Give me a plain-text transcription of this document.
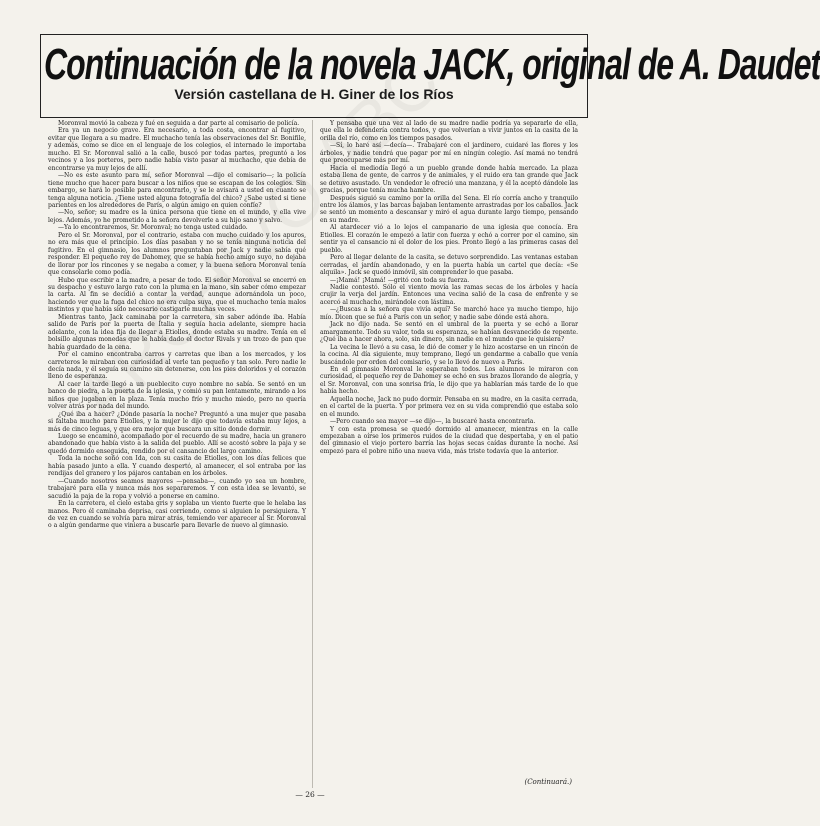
Continuación de la novela JACK, original de A. Daudet
Versión castellana de H. Giner de los Ríos

Moronval movió la cabeza y fué en seguida a dar parte al comisario de policía.

Era ya un negocio grave. Era necesario, a toda costa, encontrar al fugitivo, evitar que llegara a su madre. El muchacho tenía las observaciones del Sr. Bonifile, y además, como se dice en el lenguaje de los colegios, el internado le importaba mucho. El Sr. Moronval salió a la calle, buscó por todas partes, preguntó a los vecinos y a los porteros, pero nadie había visto pasar al muchacho, que debía de encontrarse ya muy lejos de allí.

—No es este asunto para mí, señor Moronval —dijo el comisario—; la policía tiene mucho que hacer para buscar a los niños que se escapan de los colegios. Sin embargo, se hará lo posible para encontrarlo, y se le avisará a usted en cuanto se tenga alguna noticia. ¿Tiene usted alguna fotografía del chico? ¿Sabe usted si tiene parientes en los alrededores de París, o algún amigo en quien confíe?

—No, señor; su madre es la única persona que tiene en el mundo, y ella vive lejos. Además, yo he prometido a la señora devolverle a su hijo sano y salvo.

—Ya lo encontraremos, Sr. Moronval; no tenga usted cuidado.

Pero el Sr. Moronval, por el contrario, estaba con mucho cuidado y los apuros, no era más que el principio. Los días pasaban y no se tenía ninguna noticia del fugitivo. En el gimnasio, los alumnos preguntaban por Jack y nadie sabía qué responder. El pequeño rey de Dahomey, que se había hecho amigo suyo, no dejaba de llorar por los rincones y se negaba a comer, y la buena señora Moronval tenía que consolarle como podía.

Hubo que escribir a la madre, a pesar de todo. El señor Moronval se encerró en su despacho y estuvo largo rato con la pluma en la mano, sin saber cómo empezar la carta. Al fin se decidió a contar la verdad, aunque adornándola un poco, haciendo ver que la fuga del chico no era culpa suya, que el muchacho tenía malos instintos y que había sido necesario castigarle muchas veces.

Mientras tanto, Jack caminaba por la carretera, sin saber adónde iba. Había salido de París por la puerta de Italia y seguía hacia adelante, siempre hacia adelante, con la idea fija de llegar a Etiolles, donde estaba su madre. Tenía en el bolsillo algunas monedas que le había dado el doctor Rivals y un trozo de pan que había guardado de la cena.

Por el camino encontraba carros y carretas que iban a los mercados, y los carreteros le miraban con curiosidad al verle tan pequeño y tan solo. Pero nadie le decía nada, y él seguía su camino sin detenerse, con los pies doloridos y el corazón lleno de esperanza.

Al caer la tarde llegó a un pueblecito cuyo nombre no sabía. Se sentó en un banco de piedra, a la puerta de la iglesia, y comió su pan lentamente, mirando a los niños que jugaban en la plaza. Tenía mucho frío y mucho miedo, pero no quería volver atrás por nada del mundo.

¿Qué iba a hacer? ¿Dónde pasaría la noche? Preguntó a una mujer que pasaba si faltaba mucho para Etiolles, y la mujer le dijo que todavía estaba muy lejos, a más de cinco leguas, y que era mejor que buscara un sitio donde dormir.

Luego se encaminó, acompañado por el recuerdo de su madre, hacia un granero abandonado que había visto a la salida del pueblo. Allí se acostó sobre la paja y se quedó dormido enseguida, rendido por el cansancio del largo camino.

Toda la noche soñó con Ida, con su casita de Etiolles, con los días felices que había pasado junto a ella. Y cuando despertó, al amanecer, el sol entraba por las rendijas del granero y los pájaros cantaban en los árboles.

—Cuando nosotros seamos mayores —pensaba—, cuando yo sea un hombre, trabajaré para ella y nunca más nos separaremos. Y con esta idea se levantó, se sacudió la paja de la ropa y volvió a ponerse en camino.

En la carretera, el cielo estaba gris y soplaba un viento fuerte que le helaba las manos. Pero él caminaba deprisa, casi corriendo, como si alguien le persiguiera. Y de vez en cuando se volvía para mirar atrás, temiendo ver aparecer al Sr. Moronval o a algún gendarme que viniera a buscarle para llevarle de nuevo al gimnasio.

Y pensaba que una vez al lado de su madre nadie podría ya separarle de ella, que ella le defendería contra todos, y que volverían a vivir juntos en la casita de la orilla del río, como en los tiempos pasados.

—Sí, lo haré así —decía—. Trabajaré con el jardinero, cuidaré las flores y los árboles, y nadie tendrá que pagar por mí en ningún colegio. Así mamá no tendrá que preocuparse más por mí.

Hacia el mediodía llegó a un pueblo grande donde había mercado. La plaza estaba llena de gente, de carros y de animales, y el ruido era tan grande que Jack se detuvo asustado. Un vendedor le ofreció una manzana, y él la aceptó dándole las gracias, porque tenía mucha hambre.

Después siguió su camino por la orilla del Sena. El río corría ancho y tranquilo entre los álamos, y las barcas bajaban lentamente arrastradas por los caballos. Jack se sentó un momento a descansar y miró el agua durante largo tiempo, pensando en su madre.

Al atardecer vió a lo lejos el campanario de una iglesia que conocía. Era Etiolles. El corazón le empezó a latir con fuerza y echó a correr por el camino, sin sentir ya el cansancio ni el dolor de los pies. Pronto llegó a las primeras casas del pueblo.

Pero al llegar delante de la casita, se detuvo sorprendido. Las ventanas estaban cerradas, el jardín abandonado, y en la puerta había un cartel que decía: «Se alquila». Jack se quedó inmóvil, sin comprender lo que pasaba.

—¡Mamá! ¡Mamá! —gritó con toda su fuerza.

Nadie contestó. Sólo el viento movía las ramas secas de los árboles y hacía crujir la verja del jardín. Entonces una vecina salió de la casa de enfrente y se acercó al muchacho, mirándole con lástima.

—¿Buscas a la señora que vivía aquí? Se marchó hace ya mucho tiempo, hijo mío. Dicen que se fué a París con un señor, y nadie sabe dónde está ahora.

Jack no dijo nada. Se sentó en el umbral de la puerta y se echó a llorar amargamente. Todo su valor, toda su esperanza, se habían desvanecido de repente. ¿Qué iba a hacer ahora, solo, sin dinero, sin nadie en el mundo que le quisiera?

La vecina le llevó a su casa, le dió de comer y le hizo acostarse en un rincón de la cocina. Al día siguiente, muy temprano, llegó un gendarme a caballo que venía buscándole por orden del comisario, y se lo llevó de nuevo a París.

En el gimnasio Moronval le esperaban todos. Los alumnos le miraron con curiosidad, el pequeño rey de Dahomey se echó en sus brazos llorando de alegría, y el Sr. Moronval, con una sonrisa fría, le dijo que ya hablarían más tarde de lo que había hecho.

Aquella noche, Jack no pudo dormir. Pensaba en su madre, en la casita cerrada, en el cartel de la puerta. Y por primera vez en su vida comprendió que estaba solo en el mundo.

—Pero cuando sea mayor —se dijo—, la buscaré hasta encontrarla.

Y con esta promesa se quedó dormido al amanecer, mientras en la calle empezaban a oírse los primeros ruidos de la ciudad que despertaba, y en el patio del gimnasio el viejo portero barría las hojas secas caídas durante la noche. Así empezó para el pobre niño una nueva vida, más triste todavía que la anterior.

(Continuará.)
— 26 —
